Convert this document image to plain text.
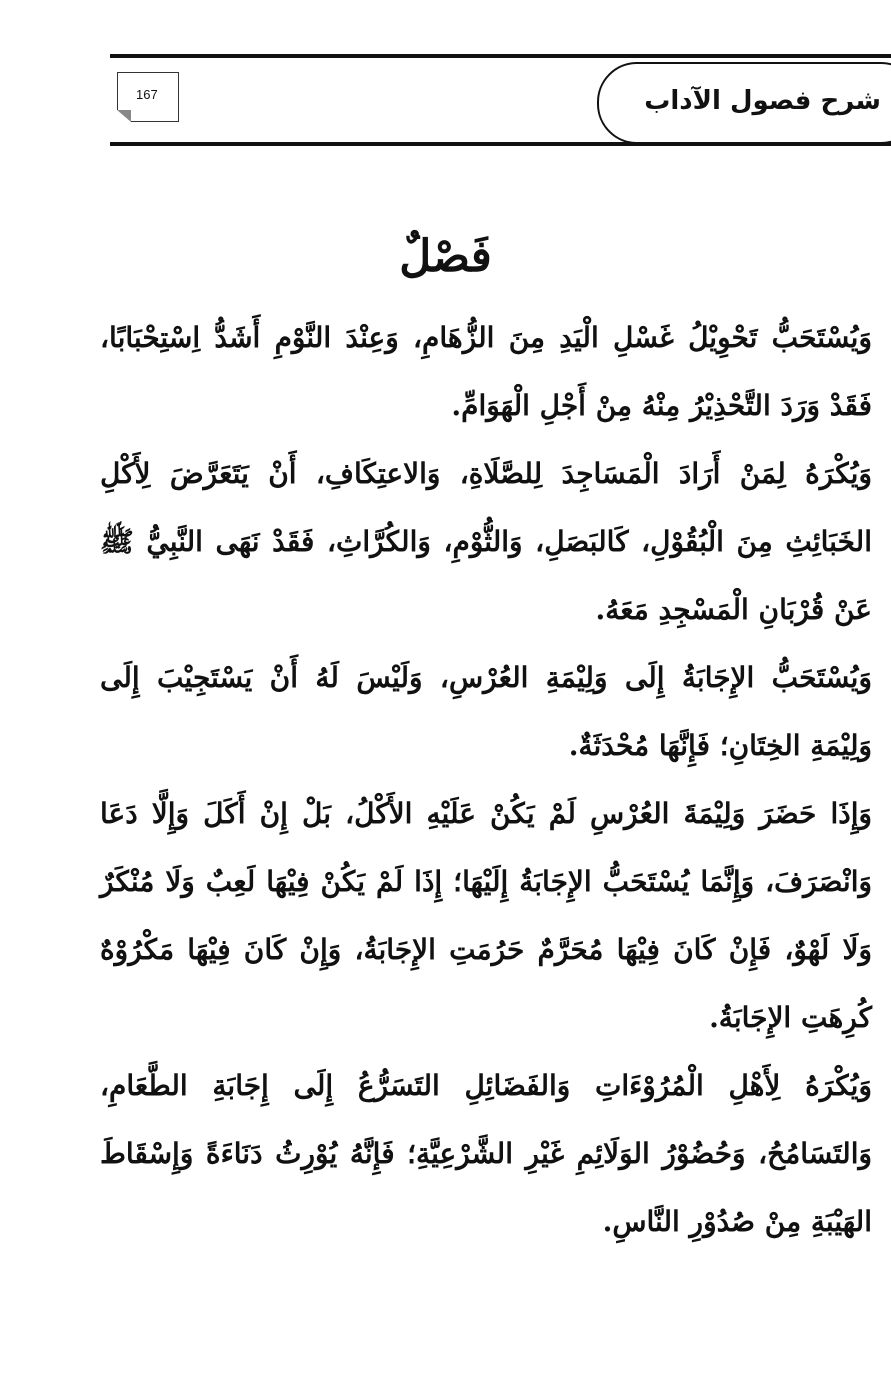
شرح فصول الآداب
167
فَصْلٌ

وَيُسْتَحَبُّ تَحْوِيْلُ غَسْلِ الْيَدِ مِنَ الزُّهَامِ، وَعِنْدَ النَّوْمِ أَشَدُّ اِسْتِحْبَابًا، فَقَدْ وَرَدَ التَّحْذِيْرُ مِنْهُ مِنْ أَجْلِ الْهَوَامِّ.

وَيُكْرَهُ لِمَنْ أَرَادَ الْمَسَاجِدَ لِلصَّلَاةِ، وَالاعتِكَافِ، أَنْ يَتَعَرَّضَ لِأَكْلِ الخَبَائِثِ مِنَ الْبُقُوْلِ، كَالبَصَلِ، وَالثُّوْمِ، وَالكُرَّاثِ، فَقَدْ نَهَى النَّبِيُّ ﷺ عَنْ قُرْبَانِ الْمَسْجِدِ مَعَهُ.

وَيُسْتَحَبُّ الإِجَابَةُ إِلَى وَلِيْمَةِ العُرْسِ، وَلَيْسَ لَهُ أَنْ يَسْتَجِيْبَ إِلَى وَلِيْمَةِ الخِتَانِ؛ فَإِنَّهَا مُحْدَثَةٌ.

وَإِذَا حَضَرَ وَلِيْمَةَ العُرْسِ لَمْ يَكُنْ عَلَيْهِ الأَكْلُ، بَلْ إِنْ أَكَلَ وَإِلَّا دَعَا وَانْصَرَفَ، وَإِنَّمَا يُسْتَحَبُّ الإِجَابَةُ إِلَيْهَا؛ إِذَا لَمْ يَكُنْ فِيْهَا لَعِبٌ وَلَا مُنْكَرٌ وَلَا لَهْوٌ، فَإِنْ كَانَ فِيْهَا مُحَرَّمٌ حَرُمَتِ الإِجَابَةُ، وَإِنْ كَانَ فِيْهَا مَكْرُوْهٌ كُرِهَتِ الإِجَابَةُ.

وَيُكْرَهُ لِأَهْلِ الْمُرُوْءَاتِ وَالفَضَائِلِ التَسَرُّعُ إِلَى إِجَابَةِ الطَّعَامِ، وَالتَسَامُحُ، وَحُضُوْرُ الوَلَائِمِ غَيْرِ الشَّرْعِيَّةِ؛ فَإِنَّهُ يُوْرِثُ دَنَاءَةً وَإِسْقَاطَ الهَيْبَةِ مِنْ صُدُوْرِ النَّاسِ.
